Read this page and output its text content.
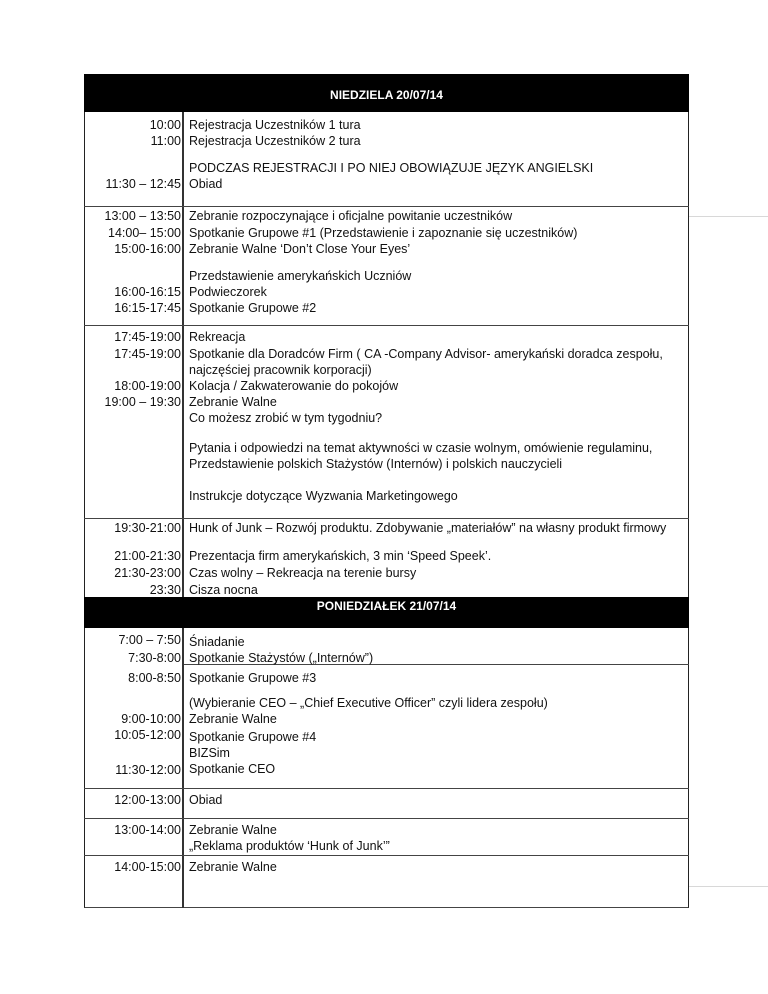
NIEDZIELA 20/07/14
10:00
11:00
11:30 – 12:45
13:00 – 13:50
14:00– 15:00
15:00-16:00
16:00-16:15
16:15-17:45
17:45-19:00
17:45-19:00
18:00-19:00
19:00 – 19:30
19:30-21:00
21:00-21:30
21:30-23:00
23:30
Rejestracja Uczestników 1 tura
Rejestracja Uczestników 2 tura
PODCZAS REJESTRACJI I PO NIEJ OBOWIĄZUJE JĘZYK ANGIELSKI
Obiad
Zebranie rozpoczynające i oficjalne powitanie uczestników
Spotkanie Grupowe #1 (Przedstawienie i zapoznanie się uczestników)
Zebranie Walne ‘Don’t Close Your Eyes’
Przedstawienie amerykańskich Uczniów
Podwieczorek
Spotkanie Grupowe #2
Rekreacja
Spotkanie dla Doradców Firm ( CA -Company Advisor- amerykański doradca zespołu, najczęściej pracownik korporacji)
Kolacja / Zakwaterowanie do pokojów
Zebranie Walne
Co możesz zrobić w tym tygodniu?
Pytania i odpowiedzi na temat aktywności w czasie wolnym, omówienie regulaminu, Przedstawienie polskich Stażystów (Internów) i polskich nauczycieli
Instrukcje dotyczące Wyzwania Marketingowego
Hunk of Junk – Rozwój produktu. Zdobywanie „materiałów” na własny produkt firmowy
Prezentacja firm amerykańskich, 3 min ‘Speed Speek’.
Czas wolny – Rekreacja na terenie bursy
Cisza nocna
PONIEDZIAŁEK 21/07/14
7:00 – 7:50
7:30-8:00
8:00-8:50
9:00-10:00
10:05-12:00
11:30-12:00
12:00-13:00
13:00-14:00
14:00-15:00
Śniadanie
Spotkanie Stażystów („Internów”)
Spotkanie Grupowe #3
(Wybieranie CEO – „Chief Executive Officer” czyli lidera zespołu)
Zebranie Walne
Spotkanie Grupowe #4
BIZSim
Spotkanie CEO
Obiad
Zebranie Walne
„Reklama produktów ‘Hunk of Junk’”
Zebranie Walne
